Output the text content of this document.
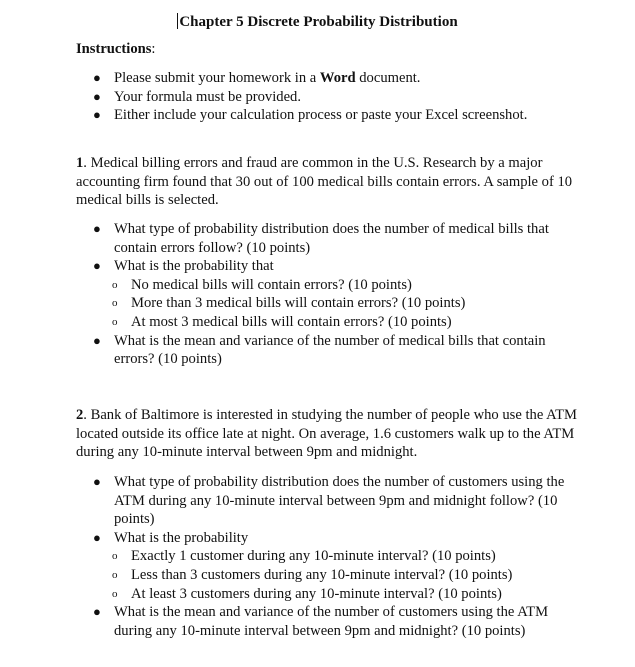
Chapter 5 Discrete Probability Distribution
Instructions:
● Please submit your homework in a Word document.
● Your formula must be provided.
● Either include your calculation process or paste your Excel screenshot.
1. Medical billing errors and fraud are common in the U.S. Research by a major accounting firm found that 30 out of 100 medical bills contain errors. A sample of 10 medical bills is selected.
● What type of probability distribution does the number of medical bills that contain errors follow? (10 points)
● What is the probability that
o No medical bills will contain errors? (10 points)
o More than 3 medical bills will contain errors? (10 points)
o At most 3 medical bills will contain errors? (10 points)
● What is the mean and variance of the number of medical bills that contain errors? (10 points)
2. Bank of Baltimore is interested in studying the number of people who use the ATM located outside its office late at night. On average, 1.6 customers walk up to the ATM during any 10-minute interval between 9pm and midnight.
● What type of probability distribution does the number of customers using the ATM during any 10-minute interval between 9pm and midnight follow? (10 points)
● What is the probability
o Exactly 1 customer during any 10-minute interval? (10 points)
o Less than 3 customers during any 10-minute interval? (10 points)
o At least 3 customers during any 10-minute interval? (10 points)
● What is the mean and variance of the number of customers using the ATM during any 10-minute interval between 9pm and midnight? (10 points)
